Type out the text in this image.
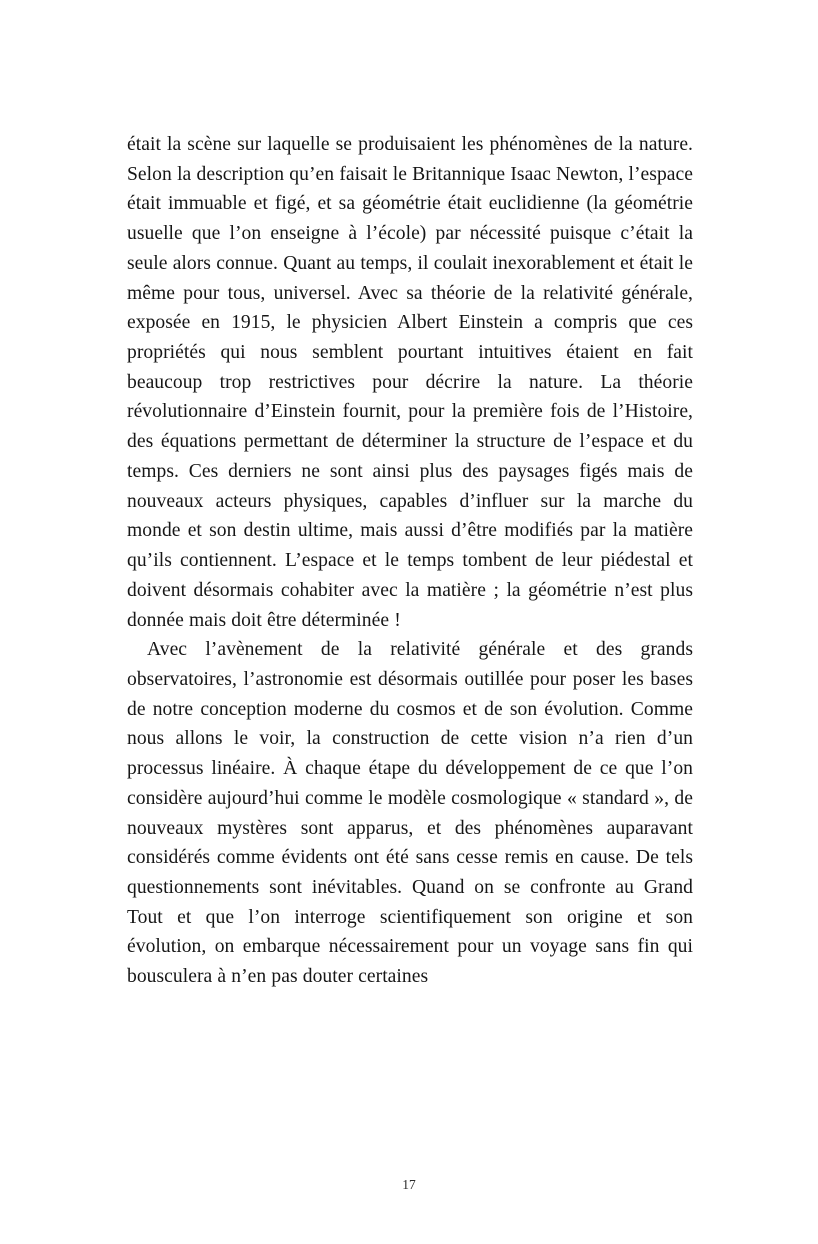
était la scène sur laquelle se produisaient les phénomènes de la nature. Selon la description qu’en faisait le Britannique Isaac Newton, l’espace était immuable et figé, et sa géométrie était euclidienne (la géométrie usuelle que l’on enseigne à l’école) par nécessité puisque c’était la seule alors connue. Quant au temps, il coulait inexorablement et était le même pour tous, universel. Avec sa théorie de la relativité générale, exposée en 1915, le physicien Albert Einstein a compris que ces propriétés qui nous semblent pourtant intuitives étaient en fait beaucoup trop restrictives pour décrire la nature. La théorie révolutionnaire d’Einstein fournit, pour la première fois de l’Histoire, des équations permettant de déterminer la structure de l’espace et du temps. Ces derniers ne sont ainsi plus des paysages figés mais de nouveaux acteurs physiques, capables d’influer sur la marche du monde et son destin ultime, mais aussi d’être modifiés par la matière qu’ils contiennent. L’espace et le temps tombent de leur piédestal et doivent désormais cohabiter avec la matière ; la géométrie n’est plus donnée mais doit être déterminée !

Avec l’avènement de la relativité générale et des grands observatoires, l’astronomie est désormais outillée pour poser les bases de notre conception moderne du cosmos et de son évolution. Comme nous allons le voir, la construction de cette vision n’a rien d’un processus linéaire. À chaque étape du développement de ce que l’on considère aujourd’hui comme le modèle cosmologique « standard », de nouveaux mystères sont apparus, et des phénomènes auparavant considérés comme évidents ont été sans cesse remis en cause. De tels questionnements sont inévitables. Quand on se confronte au Grand Tout et que l’on interroge scientifiquement son origine et son évolution, on embarque nécessairement pour un voyage sans fin qui bousculera à n’en pas douter certaines

17
